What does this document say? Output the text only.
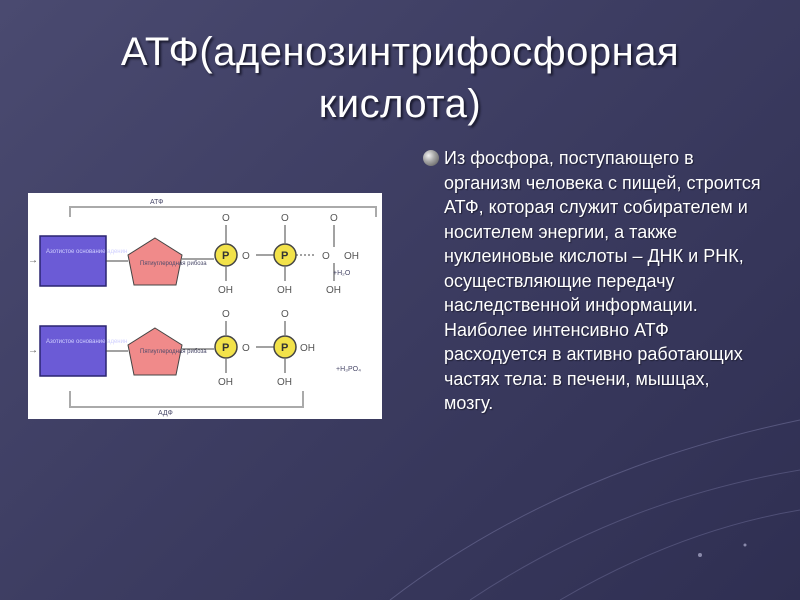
АТФ(аденозинтрифосфорная кислота)
АТФ
АДФ
→
Азотистое основание аденин
Пятиуглеродная рибоза
P
O
OH
O	P
O
OH
O
O OH
OH
+H₂O
→
Азотистое основание аденин
Пятиуглеродная рибоза P
O
OH
O	P
O
OH
OH
+H₃PO₄
Из фосфора, поступающего в организм человека с пищей, строится АТФ, которая служит собирателем и носителем энергии, а также нуклеиновые кислоты – ДНК и РНК, осуществляющие передачу наследственной информации. Наиболее интенсивно АТФ расходуется в активно работающих частях тела: в печени, мышцах, мозгу.
